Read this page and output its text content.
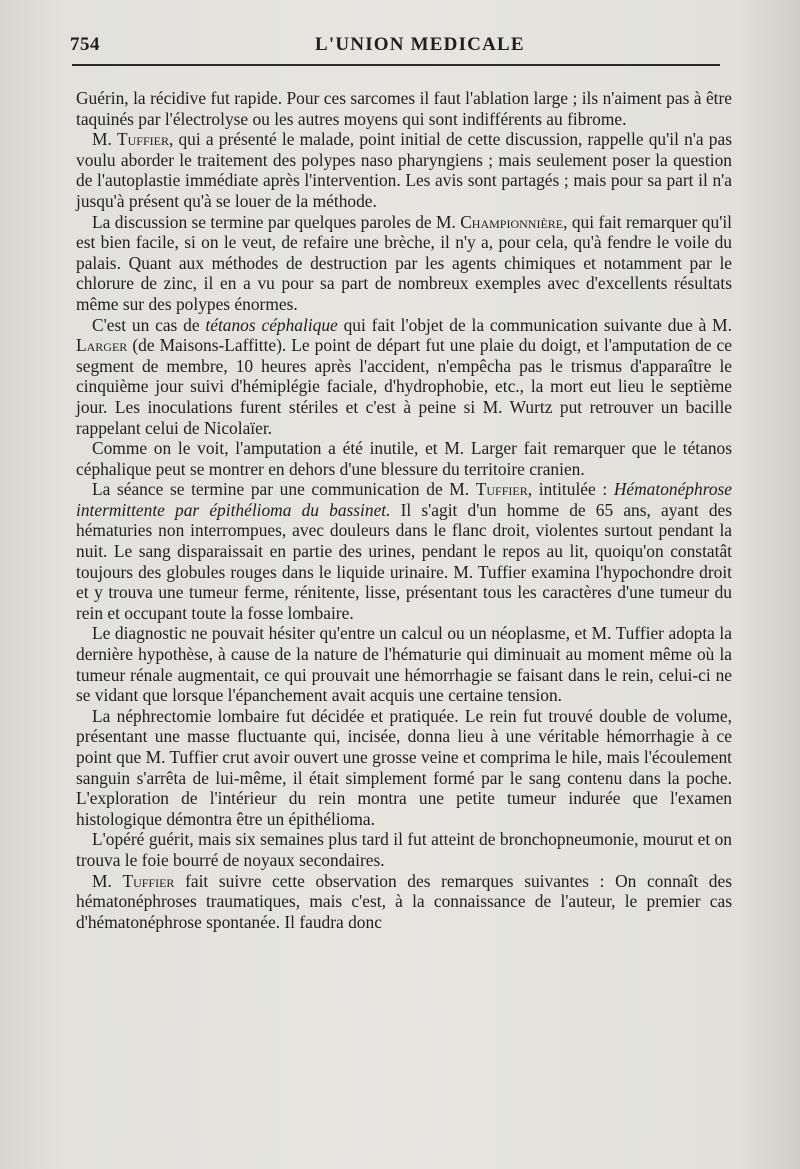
754	L'UNION MEDICALE

Guérin, la récidive fut rapide. Pour ces sarcomes il faut l'ablation large ; ils n'aiment pas à être taquinés par l'électrolyse ou les autres moyens qui sont indifférents au fibrome.

M. Tuffier, qui a présenté le malade, point initial de cette discussion, rappelle qu'il n'a pas voulu aborder le traitement des polypes naso pharyngiens ; mais seulement poser la question de l'autoplastie immédiate après l'intervention. Les avis sont partagés ; mais pour sa part il n'a jusqu'à présent qu'à se louer de la méthode.

La discussion se termine par quelques paroles de M. Championnière, qui fait remarquer qu'il est bien facile, si on le veut, de refaire une brèche, il n'y a, pour cela, qu'à fendre le voile du palais. Quant aux méthodes de destruction par les agents chimiques et notamment par le chlorure de zinc, il en a vu pour sa part de nombreux exemples avec d'excellents résultats même sur des polypes énormes.

C'est un cas de tétanos céphalique qui fait l'objet de la communication suivante due à M. Larger (de Maisons-Laffitte). Le point de départ fut une plaie du doigt, et l'amputation de ce segment de membre, 10 heures après l'accident, n'empêcha pas le trismus d'apparaître le cinquième jour suivi d'hémiplégie faciale, d'hydrophobie, etc., la mort eut lieu le septième jour. Les inoculations furent stériles et c'est à peine si M. Wurtz put retrouver un bacille rappelant celui de Nicolaïer.

Comme on le voit, l'amputation a été inutile, et M. Larger fait remarquer que le tétanos céphalique peut se montrer en dehors d'une blessure du territoire cranien.

La séance se termine par une communication de M. Tuffier, intitulée : Hématonéphrose intermittente par épithélioma du bassinet. Il s'agit d'un homme de 65 ans, ayant des hématuries non interrompues, avec douleurs dans le flanc droit, violentes surtout pendant la nuit. Le sang disparaissait en partie des urines, pendant le repos au lit, quoiqu'on constatât toujours des globules rouges dans le liquide urinaire. M. Tuffier examina l'hypochondre droit et y trouva une tumeur ferme, rénitente, lisse, présentant tous les caractères d'une tumeur du rein et occupant toute la fosse lombaire.

Le diagnostic ne pouvait hésiter qu'entre un calcul ou un néoplasme, et M. Tuffier adopta la dernière hypothèse, à cause de la nature de l'hématurie qui diminuait au moment même où la tumeur rénale augmentait, ce qui prouvait une hémorrhagie se faisant dans le rein, celui-ci ne se vidant que lorsque l'épanchement avait acquis une certaine tension.

La néphrectomie lombaire fut décidée et pratiquée. Le rein fut trouvé double de volume, présentant une masse fluctuante qui, incisée, donna lieu à une véritable hémorrhagie à ce point que M. Tuffier crut avoir ouvert une grosse veine et comprima le hile, mais l'écoulement sanguin s'arrêta de lui-même, il était simplement formé par le sang contenu dans la poche. L'exploration de l'intérieur du rein montra une petite tumeur indurée que l'examen histologique démontra être un épithélioma.

L'opéré guérit, mais six semaines plus tard il fut atteint de bronchopneumonie, mourut et on trouva le foie bourré de noyaux secondaires.

M. Tuffier fait suivre cette observation des remarques suivantes : On connaît des hématonéphroses traumatiques, mais c'est, à la connaissance de l'auteur, le premier cas d'hématonéphrose spontanée. Il faudra donc
